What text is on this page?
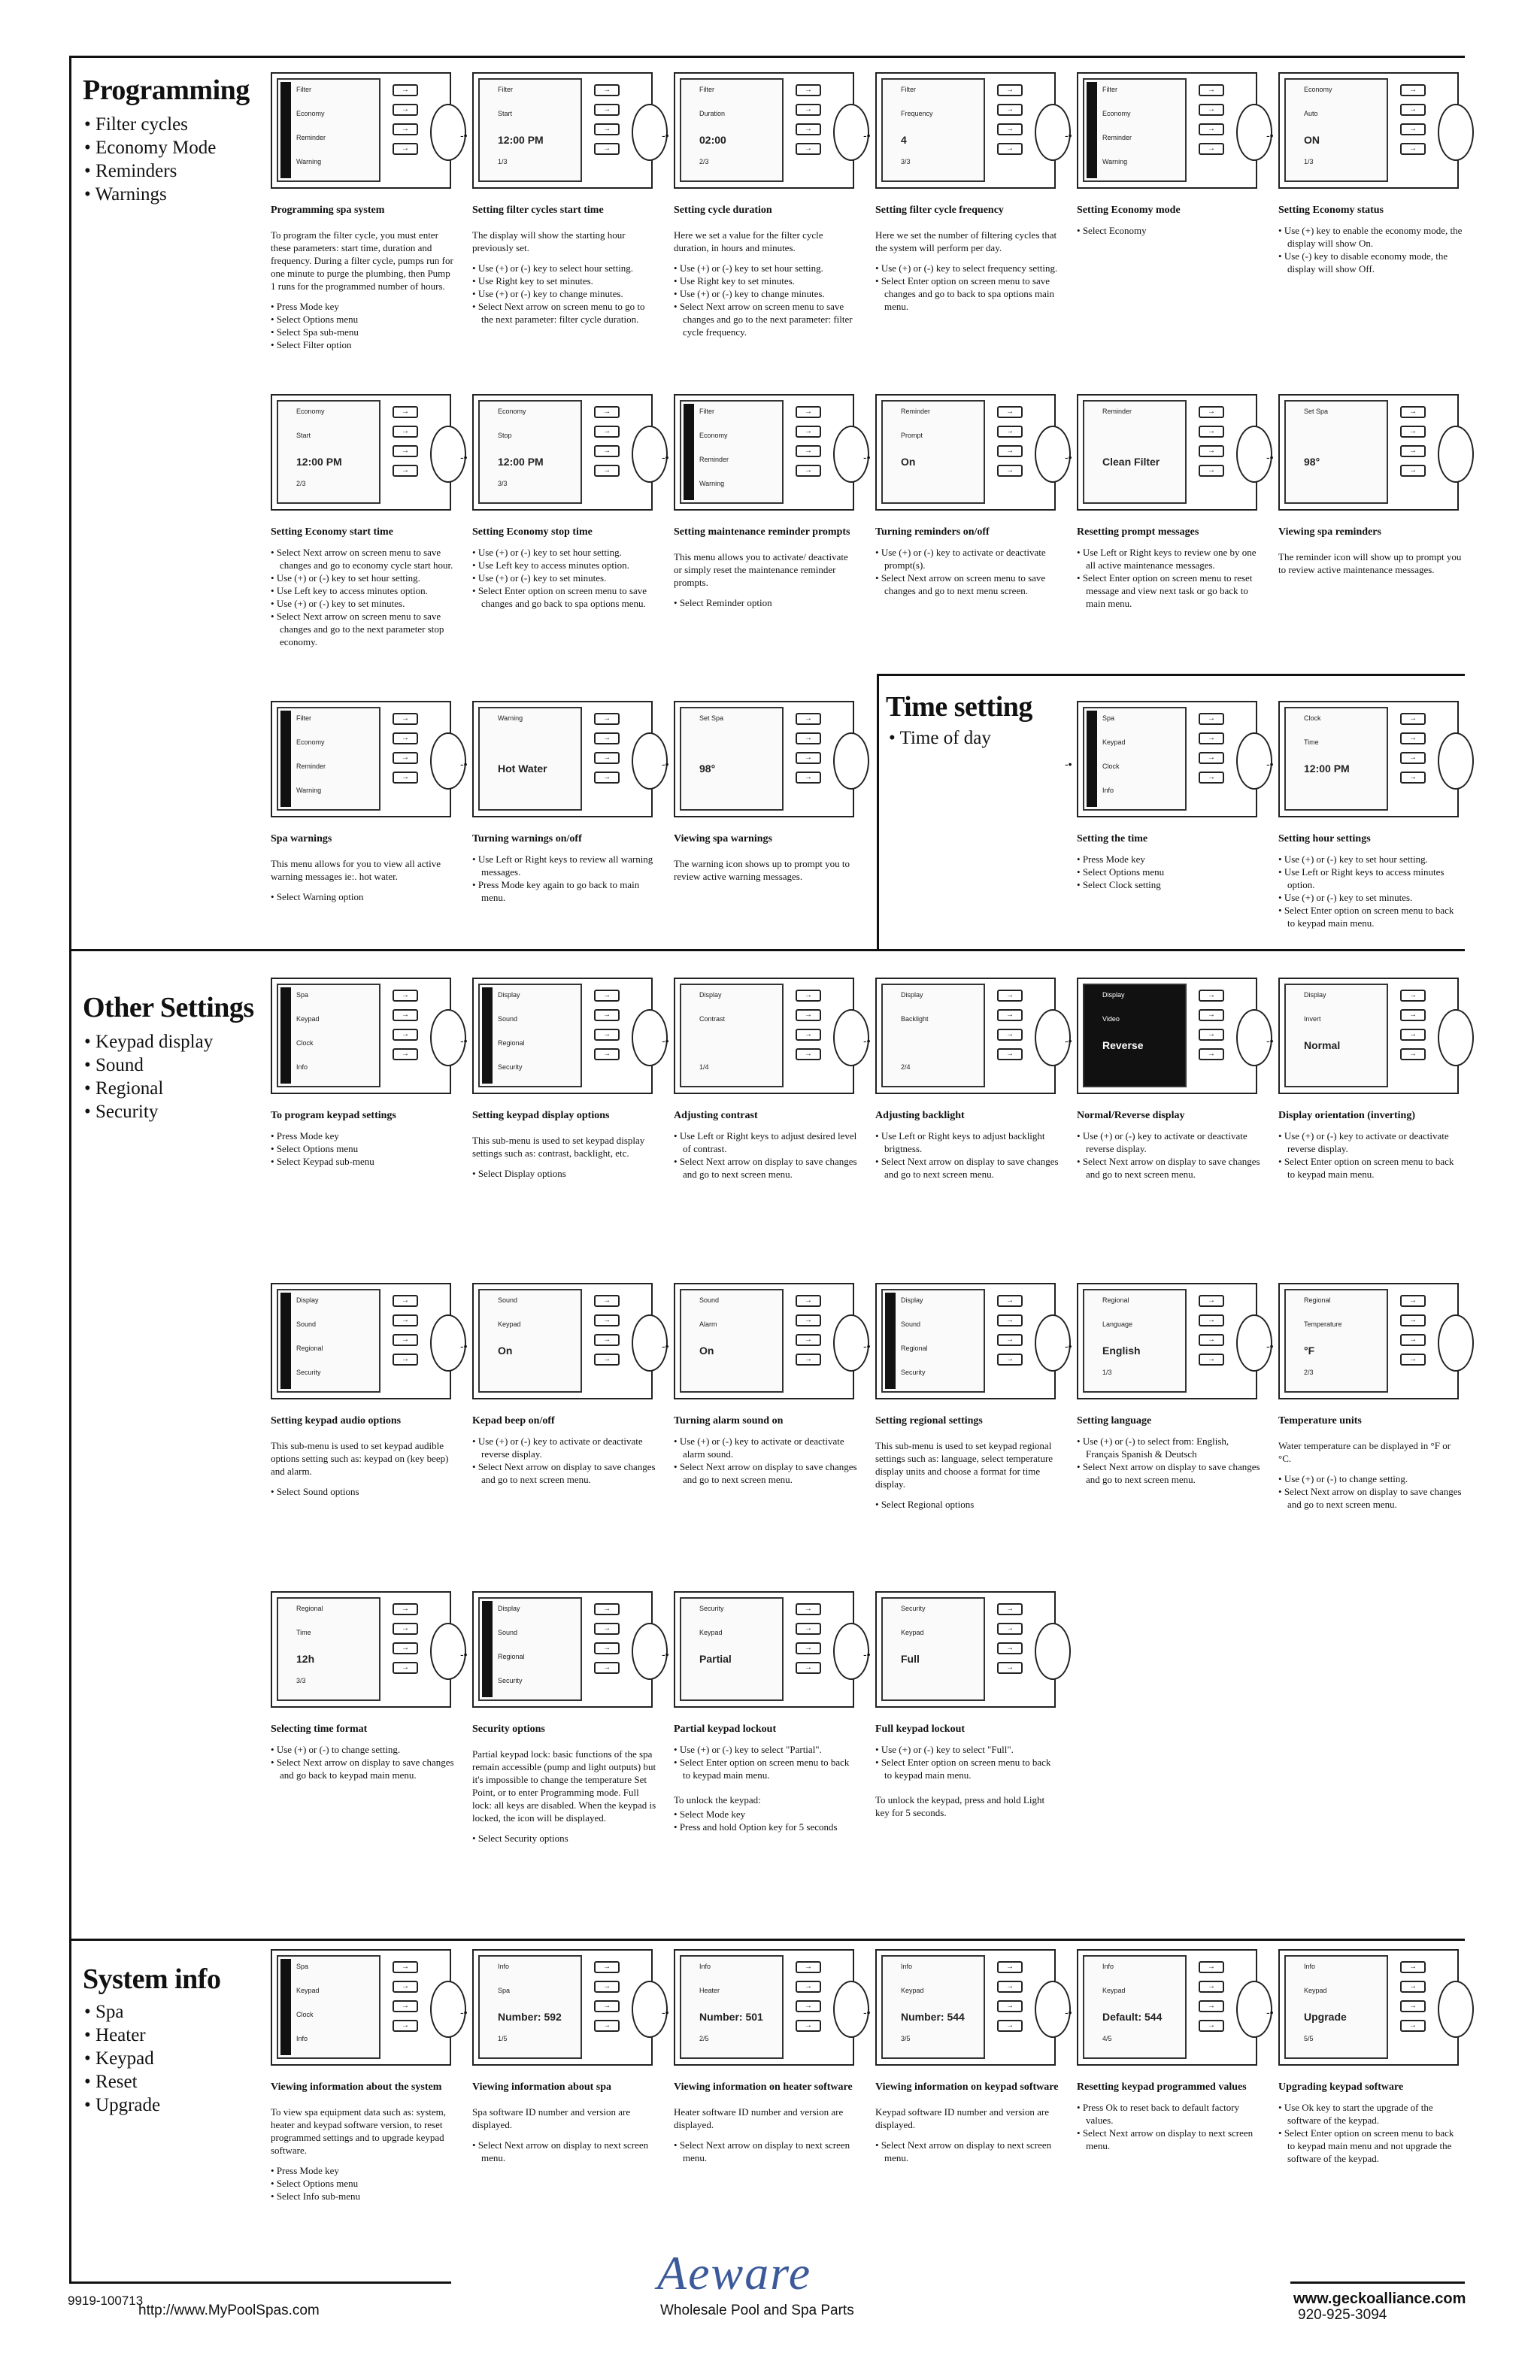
Programming
• Filter cycles
• Economy Mode
• Reminders
• Warnings
Time setting
• Time of day
Other Settings
• Keypad display
• Sound
• Regional
• Security
System info
• Spa
• Heater
• Keypad
• Reset
• Upgrade
Filter
Economy
Reminder
Warning
→
→
→
→
Programming spa system
To program the filter cycle, you must enter these parameters: start time, duration and frequency. During a filter cycle, pumps run for one minute to purge the plumbing, then Pump 1 runs for the programmed number of hours.
• Press Mode key
• Select Options menu
• Select Spa sub-menu
• Select Filter option
Filter
Start
12:00 PM
1/3
→
→
→
→
-•
Setting filter cycles start time
The display will show the starting hour previously set.
• Use (+) or (-) key to select hour setting.
• Use Right key to set minutes.
• Use (+) or (-) key to change minutes.
• Select Next arrow on screen menu to go to the next parameter: filter cycle duration.
Filter
Duration
02:00
2/3
→
→
→
→
-•
Setting cycle duration
Here we set a value for the filter cycle duration, in hours and minutes.
• Use (+) or (-) key to set hour setting.
• Use Right key to set minutes.
• Use (+) or (-) key to change minutes.
• Select Next arrow on screen menu to save changes and go to the next parameter: filter cycle frequency.
Filter
Frequency
4
3/3
→
→
→
→
-•
Setting filter cycle frequency
Here we set the number of filtering cycles that the system will perform per day.
• Use (+) or (-) key to select frequency setting.
• Select Enter option on screen menu to save changes and go to back to spa options main menu.
Filter
Economy
Reminder
Warning
→
→
→
→
-•
Setting Economy mode
• Select Economy
Economy
Auto
ON
1/3
→
→
→
→
-•
Setting Economy status
• Use (+) key to enable the economy mode, the display will show On.
• Use (-) key to disable economy mode, the display will show Off.
Economy
Start
12:00 PM
2/3
→
→
→
→
Setting Economy start time
• Select Next arrow on screen menu to save changes and go to economy cycle start hour.
• Use (+) or (-) key to set hour setting.
• Use Left key to access minutes option.
• Use (+) or (-) key to set minutes.
• Select Next arrow on screen menu to save changes and go to the next parameter stop economy.
Economy
Stop
12:00 PM
3/3
→
→
→
→
-•
Setting Economy stop time
• Use (+) or (-) key to set hour setting.
• Use Left key to access minutes option.
• Use (+) or (-) key to set minutes.
• Select Enter option on screen menu to save changes and go back to spa options menu.
Filter
Economy
Reminder
Warning
→
→
→
→
-•
Setting maintenance reminder prompts
This menu allows you to activate/ deactivate or simply reset the maintenance reminder prompts.
• Select Reminder option
Reminder
Prompt
On
→
→
→
→
-•
Turning reminders on/off
• Use (+) or (-) key to activate or deactivate prompt(s).
• Select Next arrow on screen menu to save changes and go to next menu screen.
Reminder
Clean Filter
→
→
→
→
-•
Resetting prompt messages
• Use Left or Right keys to review one by one all active maintenance messages.
• Select Enter option on screen menu to reset message and view next task or go back to main menu.
Set Spa
98°
→
→
→
→
-•
Viewing spa reminders
The reminder icon will show up to prompt you to review active maintenance messages.
Filter
Economy
Reminder
Warning
→
→
→
→
Spa warnings
This menu allows for you to view all active warning messages ie:. hot water.
• Select Warning option
Warning
Hot Water
→
→
→
→
-•
Turning warnings on/off
• Use Left or Right keys to review all warning messages.
• Press Mode key again to go back to main menu.
Set Spa
98°
→
→
→
→
-•
Viewing spa warnings
The warning icon shows up to prompt you to review active warning messages.
Spa
Keypad
Clock
Info
→
→
→
→
-•
Setting the time
• Press Mode key
• Select Options menu
• Select Clock setting
Clock
Time
12:00 PM
→
→
→
→
-•
Setting hour settings
• Use (+) or (-) key to set hour setting.
• Use Left or Right keys to access minutes option.
• Use (+) or (-) key to set minutes.
• Select Enter option on screen menu to back to keypad main menu.
Spa
Keypad
Clock
Info
→
→
→
→
To program keypad settings
• Press Mode key
• Select Options menu
• Select Keypad sub-menu
Display
Sound
Regional
Security
→
→
→
→
-•
Setting keypad display options
This sub-menu is used to set keypad display settings such as: contrast, backlight, etc.
• Select Display options
Display
Contrast
1/4
→
→
→
→
-•
Adjusting contrast
• Use Left or Right keys to adjust desired level of contrast.
• Select Next arrow on display to save changes and go to next screen menu.
Display
Backlight
2/4
→
→
→
→
-•
Adjusting backlight
• Use Left or Right keys to adjust backlight brigtness.
• Select Next arrow on display to save changes and go to next screen menu.
Display
Video
Reverse
→
→
→
→
-•
Normal/Reverse display
• Use (+) or (-) key to activate or deactivate reverse display.
• Select Next arrow on display to save changes and go to next screen menu.
Display
Invert
Normal
→
→
→
→
-•
Display orientation (inverting)
• Use (+) or (-) key to activate or deactivate reverse display.
• Select Enter option on screen menu to back to keypad main menu.
Display
Sound
Regional
Security
→
→
→
→
Setting keypad audio options
This sub-menu is used to set keypad audible options setting such as: keypad on (key beep) and alarm.
• Select Sound options
Sound
Keypad
On
→
→
→
→
-•
Kepad beep on/off
• Use (+) or (-) key to activate or deactivate reverse display.
• Select Next arrow on display to save changes and go to next screen menu.
Sound
Alarm
On
→
→
→
→
-•
Turning alarm sound on
• Use (+) or (-) key to activate or deactivate alarm sound.
• Select Next arrow on display to save changes and go to next screen menu.
Display
Sound
Regional
Security
→
→
→
→
-•
Setting regional settings
This sub-menu is used to set keypad regional settings such as: language, select temperature display units and choose a format for time display.
• Select Regional options
Regional
Language
English
1/3
→
→
→
→
-•
Setting language
• Use (+) or (-) to select from: English, Français Spanish & Deutsch
• Select Next arrow on display to save changes and go to next screen menu.
Regional
Temperature
°F
2/3
→
→
→
→
-•
Temperature units
Water temperature can be displayed in °F or °C.
• Use (+) or (-) to change setting.
• Select Next arrow on display to save changes and go to next screen menu.
Regional
Time
12h
3/3
→
→
→
→
Selecting time format
• Use (+) or (-) to change setting.
• Select Next arrow on display to save changes and go back to keypad main menu.
Display
Sound
Regional
Security
→
→
→
→
-•
Security options
Partial keypad lock: basic functions of the spa remain accessible (pump and light outputs) but it's impossible to change the temperature Set Point, or to enter Programming mode. Full lock: all keys are disabled. When the keypad is locked, the icon will be displayed.
• Select Security options
Security
Keypad
Partial
→
→
→
→
-•
Partial keypad lockout
• Use (+) or (-) key to select "Partial".
• Select Enter option on screen menu to back to keypad main menu.
To unlock the keypad:
• Select Mode key
• Press and hold Option key for 5 seconds
Security
Keypad
Full
→
→
→
→
-•
Full keypad lockout
• Use (+) or (-) key to select "Full".
• Select Enter option on screen menu to back to keypad main menu.
To unlock the keypad, press and hold Light key for 5 seconds.
Spa
Keypad
Clock
Info
→
→
→
→
Viewing information about the system
To view spa equipment data such as: system, heater and keypad software version, to reset programmed settings and to upgrade keypad software.
• Press Mode key
• Select Options menu
• Select Info sub-menu
Info
Spa
Number: 592
1/5
→
→
→
→
-•
Viewing information about spa
Spa software ID number and version are displayed.
• Select Next arrow on display to next screen menu.
Info
Heater
Number: 501
2/5
→
→
→
→
-•
Viewing information on heater software
Heater software ID number and version are displayed.
• Select Next arrow on display to next screen menu.
Info
Keypad
Number: 544
3/5
→
→
→
→
-•
Viewing information on keypad software
Keypad software ID number and version are displayed.
• Select Next arrow on display to next screen menu.
Info
Keypad
Default: 544
4/5
→
→
→
→
-•
Resetting keypad programmed values
• Press Ok to reset back to default factory values.
• Select Next arrow on display to next screen menu.
Info
Keypad
Upgrade
5/5
→
→
→
→
-•
Upgrading keypad software
• Use Ok key to start the upgrade of the software of the keypad.
• Select Enter option on screen menu to back to keypad main menu and not upgrade the software of the keypad.
9919-100713
http://www.MyPoolSpas.com
Aeware
Wholesale Pool and Spa Parts
www.geckoalliance.com
920-925-3094
